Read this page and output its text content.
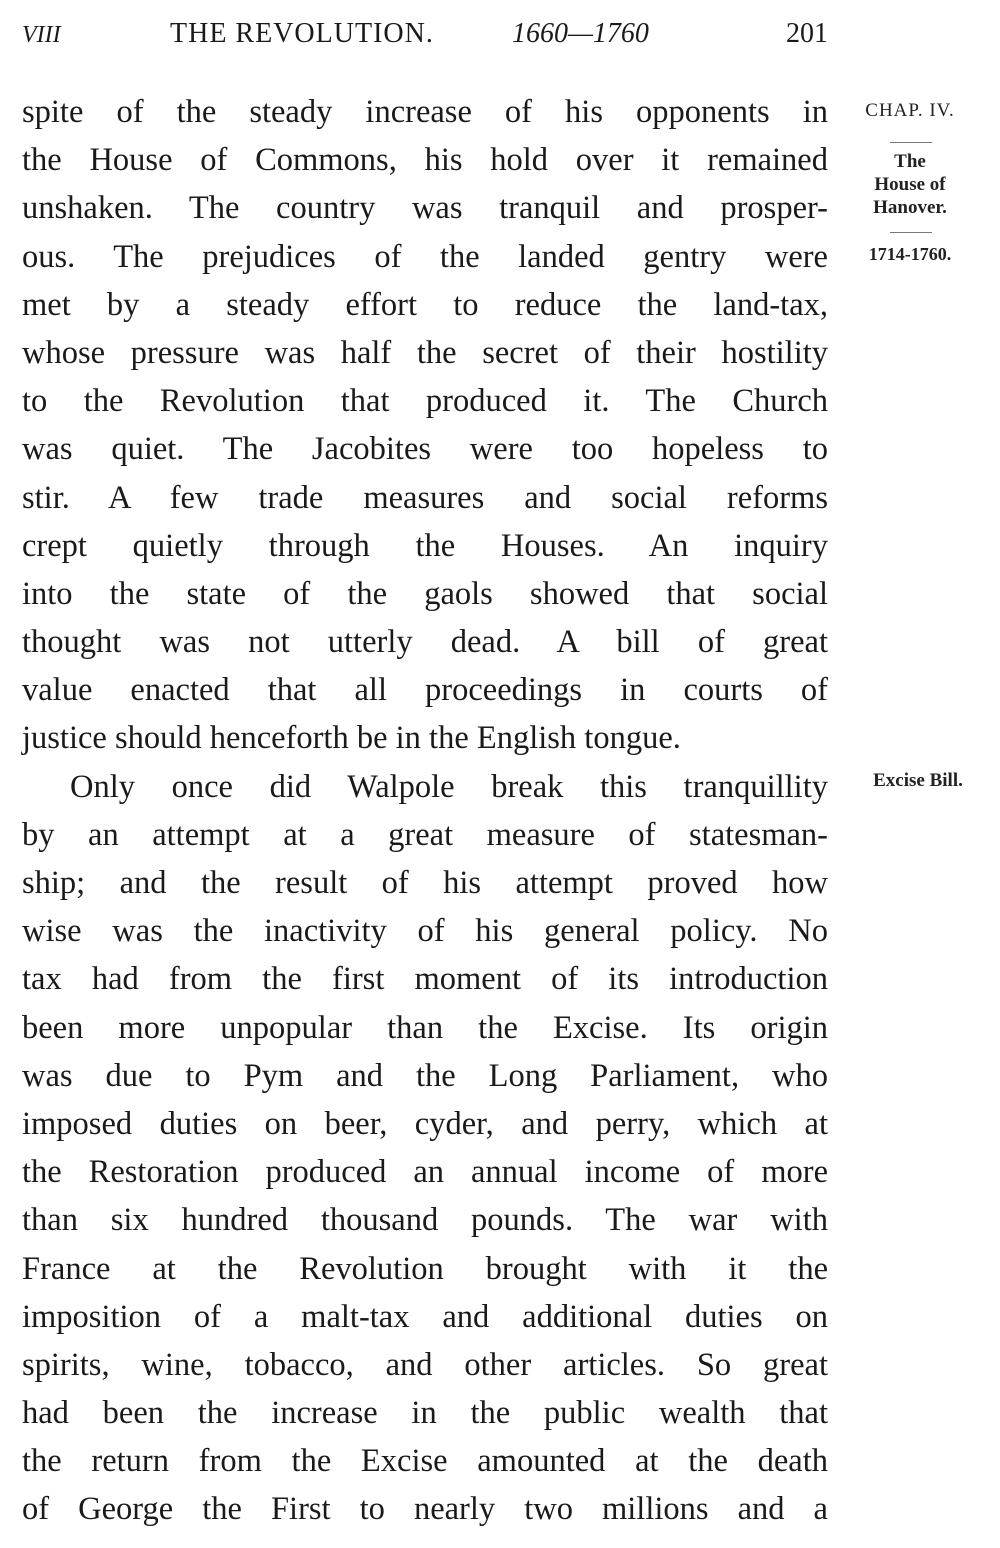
VIII	THE REVOLUTION.	1660—1760	201
spite of the steady increase of his opponents in
the House of Commons, his hold over it remained
unshaken. The country was tranquil and prosper-
ous. The prejudices of the landed gentry were
met by a steady effort to reduce the land-tax,
whose pressure was half the secret of their hostility
to the Revolution that produced it. The Church
was quiet. The Jacobites were too hopeless to
stir. A few trade measures and social reforms
crept quietly through the Houses. An inquiry
into the state of the gaols showed that social
thought was not utterly dead. A bill of great
value enacted that all proceedings in courts of
justice should henceforth be in the English tongue.
Only once did Walpole break this tranquillity
by an attempt at a great measure of statesman-
ship; and the result of his attempt proved how
wise was the inactivity of his general policy. No
tax had from the first moment of its introduction
been more unpopular than the Excise. Its origin
was due to Pym and the Long Parliament, who
imposed duties on beer, cyder, and perry, which at
the Restoration produced an annual income of more
than six hundred thousand pounds. The war with
France at the Revolution brought with it the
imposition of a malt-tax and additional duties on
spirits, wine, tobacco, and other articles. So great
had been the increase in the public wealth that
the return from the Excise amounted at the death
of George the First to nearly two millions and a
CHAP. IV.
The
House of
Hanover.
1714-1760.
Excise Bill.
